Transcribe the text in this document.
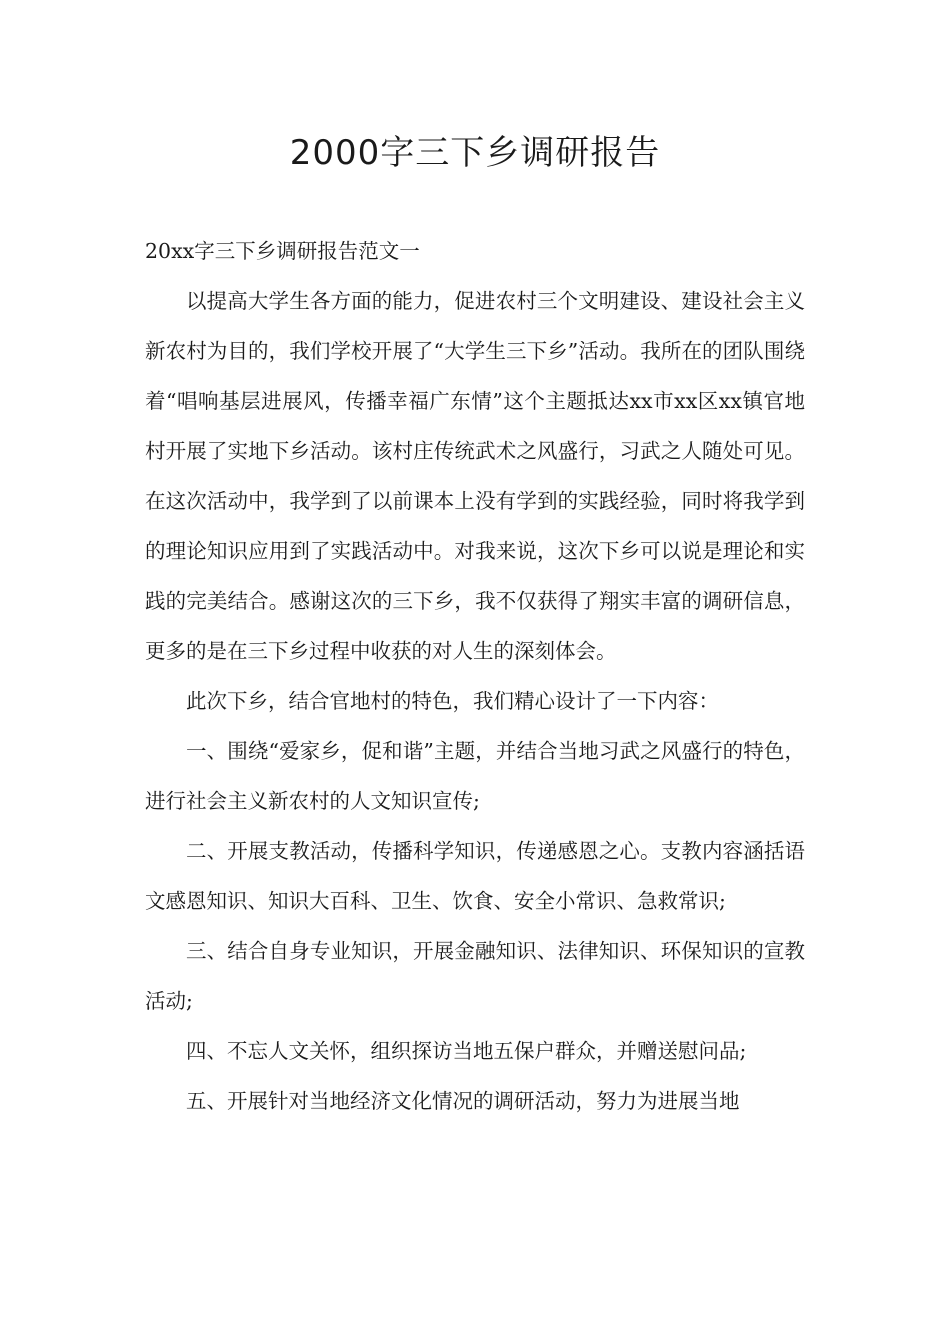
2000字三下乡调研报告

20xx字三下乡调研报告范文一

以提高大学生各方面的能力，促进农村三个文明建设、建设社会主义新农村为目的，我们学校开展了“大学生三下乡”活动。我所在的团队围绕着“唱响基层进展风，传播幸福广东情”这个主题抵达xx市xx区xx镇官地村开展了实地下乡活动。该村庄传统武术之风盛行，习武之人随处可见。在这次活动中，我学到了以前课本上没有学到的实践经验，同时将我学到的理论知识应用到了实践活动中。对我来说，这次下乡可以说是理论和实践的完美结合。感谢这次的三下乡，我不仅获得了翔实丰富的调研信息，更多的是在三下乡过程中收获的对人生的深刻体会。

此次下乡，结合官地村的特色，我们精心设计了一下内容：

一、围绕“爱家乡，促和谐”主题，并结合当地习武之风盛行的特色，进行社会主义新农村的人文知识宣传;

二、开展支教活动，传播科学知识，传递感恩之心。支教内容涵括语文感恩知识、知识大百科、卫生、饮食、安全小常识、急救常识;

三、结合自身专业知识，开展金融知识、法律知识、环保知识的宣教活动;

四、不忘人文关怀，组织探访当地五保户群众，并赠送慰问品;

五、开展针对当地经济文化情况的调研活动，努力为进展当地
